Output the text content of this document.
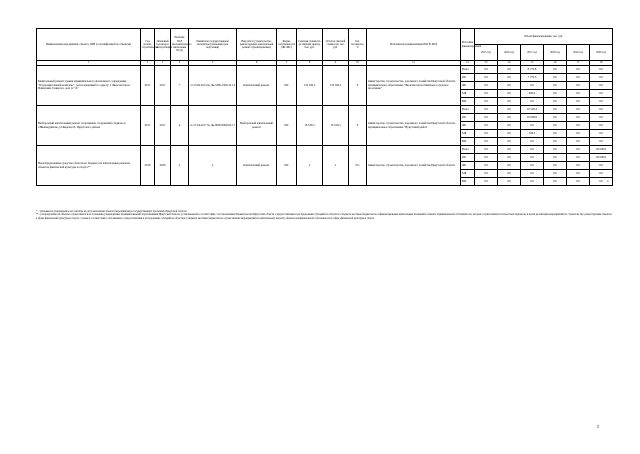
Наименование мероприятия, объекта, ПИР (с расшифровкой по объектам)	Год начала строительства	Плановый год ввода в эксплуатацию	Наличие ПСД (положительного заключения ПСД)	Реквизиты государственной экспертизы (плановый срок получения)	Вид работ (строительство, реконструкция, капитальный ремонт, проектирование)	Форма собственности (ФС/МС)	Сметная стоимость (в текущих ценах), тыс. руб.	Остаток сметной стоимости, тыс. руб.	Тех. готовность, %	Исполнитель (наименование ИОГВ, МО)	Источник финансирования	Объем финансирования, тыс. руб.					
												2015 год	2016 год	2017 год	2018 год	2019 год	2020 год
1	2	3	4	5	6	7	8	9	10	11	12	13	14	15	16	17	18
Капитальный ремонт здания муниципального автономного учреждения "Оздоровительный комплекс", расположенный по адресу: г. Железногорск-Илимский, 6 квартал, дом 12 "А"	2017	2017	+	от 23.04.2014 № Дк-3360-1509/14 14	Капитальный ремонт	МС	133 184,3	133 184,3	0	министерство строительства, дорожного хозяйства Иркутской области, муниципальное образование "Железногорск-Илимское городское поселение"	Всего	0,0	0,0	8 179,8	0,0	0,0	0,0
											ОБ	0,0	0,0	7 770,5	0,0	0,0	0,0
											ФБ	0,0	0,0	0,0	0,0	0,0	0,0
											МБ	0,0	0,0	409,0	0,0	0,0	0,0
											ВИ	0,0	0,0	0,0	0,0	0,0	0,0
Выборочный капитальный ремонт спортивных сооружений стадиона в г.Нижнеудинске, ул.Кирова,25, Иркутского района	2017	2017	н	от 27.04.2017 № Дк-0000-0000/02-17	Выборочный капитальный ремонт	МС	10 526,3	10 526,3	0	министерство строительства, дорожного хозяйства Иркутской области, муниципальное образование "Нукутский район"	Всего	0,0	0,0	10 526,3	0,0	0,0	0,0
											ОБ	0,0	0,0	10 000,0	0,0	0,0	0,0
											ФБ	0,0	0,0	0,0	0,0	0,0	0,0
											МБ	0,0	0,0	526,3	0,0	0,0	0,0
											ВИ	0,0	0,0	0,0	0,0	0,0	0,0
Нераспределенные средства областного бюджета на капитальные ремонты объектов физической культуры и спорта**	2018	2020	х	х	Капитальный ремонт	МС	х	х	0%	министерство строительства, дорожного хозяйства Иркутской области	Всего	0,0	0,0	0,0	0,0	0,0	50 000,0
											ОБ	0,0	0,0	0,0	0,0	0,0	50 000,0
											ФБ	0,0	0,0	0,0	0,0	0,0	0,0
											МБ	0,0	0,0	0,0	0,0	0,0	0,0
											ВИ	0,0	0,0	0,0	0,0	0,0	0,0 »;
* – указывается утверждаемое на сентябрь на дату включения объекта (мероприятия) в государственную программу Иркутской области
**– распределение на объекты осуществляется на основании утвержденных муниципальными образованиями Иркутской области, установленной в соответствии с постановлением Правительства Иркутской области о предоставлении и распределении субсидий из областного бюджета местным бюджетам на софинансирование капитальных вложений в объекты муниципальной собственности, которые осуществляются из местных бюджетов, в целях реализации мероприятий по строительству, реконструкции объектов в сфере физической культуры и спорта, а также в соответствии с положением о предоставлении и расходовании субсидий из областного бюджета местным бюджетам на осуществление мероприятий по капитальному ремонту объектов муниципальной собственности в сфере физической культуры и спорта
5
